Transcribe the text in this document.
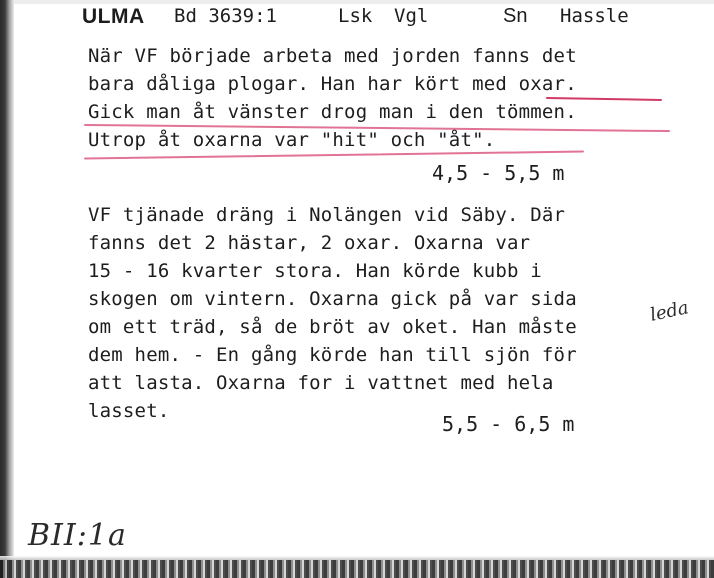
ULMA Bd 3639:1	Lsk Vgl	Sn Hassle
När VF började arbeta med jorden fanns det
bara dåliga plogar. Han har kört med oxar.
Gick man åt vänster drog man i den tömmen.
Utrop åt oxarna var "hit" och "åt".
4,5 - 5,5 m
VF tjänade dräng i Nolängen vid Säby. Där
fanns det 2 hästar, 2 oxar. Oxarna var
15 - 16 kvarter stora. Han körde kubb i
skogen om vintern. Oxarna gick på var sida
om ett träd, så de bröt av oket. Han måste
dem hem. - En gång körde han till sjön för
att lasta. Oxarna for i vattnet med hela
lasset.
5,5 - 6,5 m
leda
BII:1a
